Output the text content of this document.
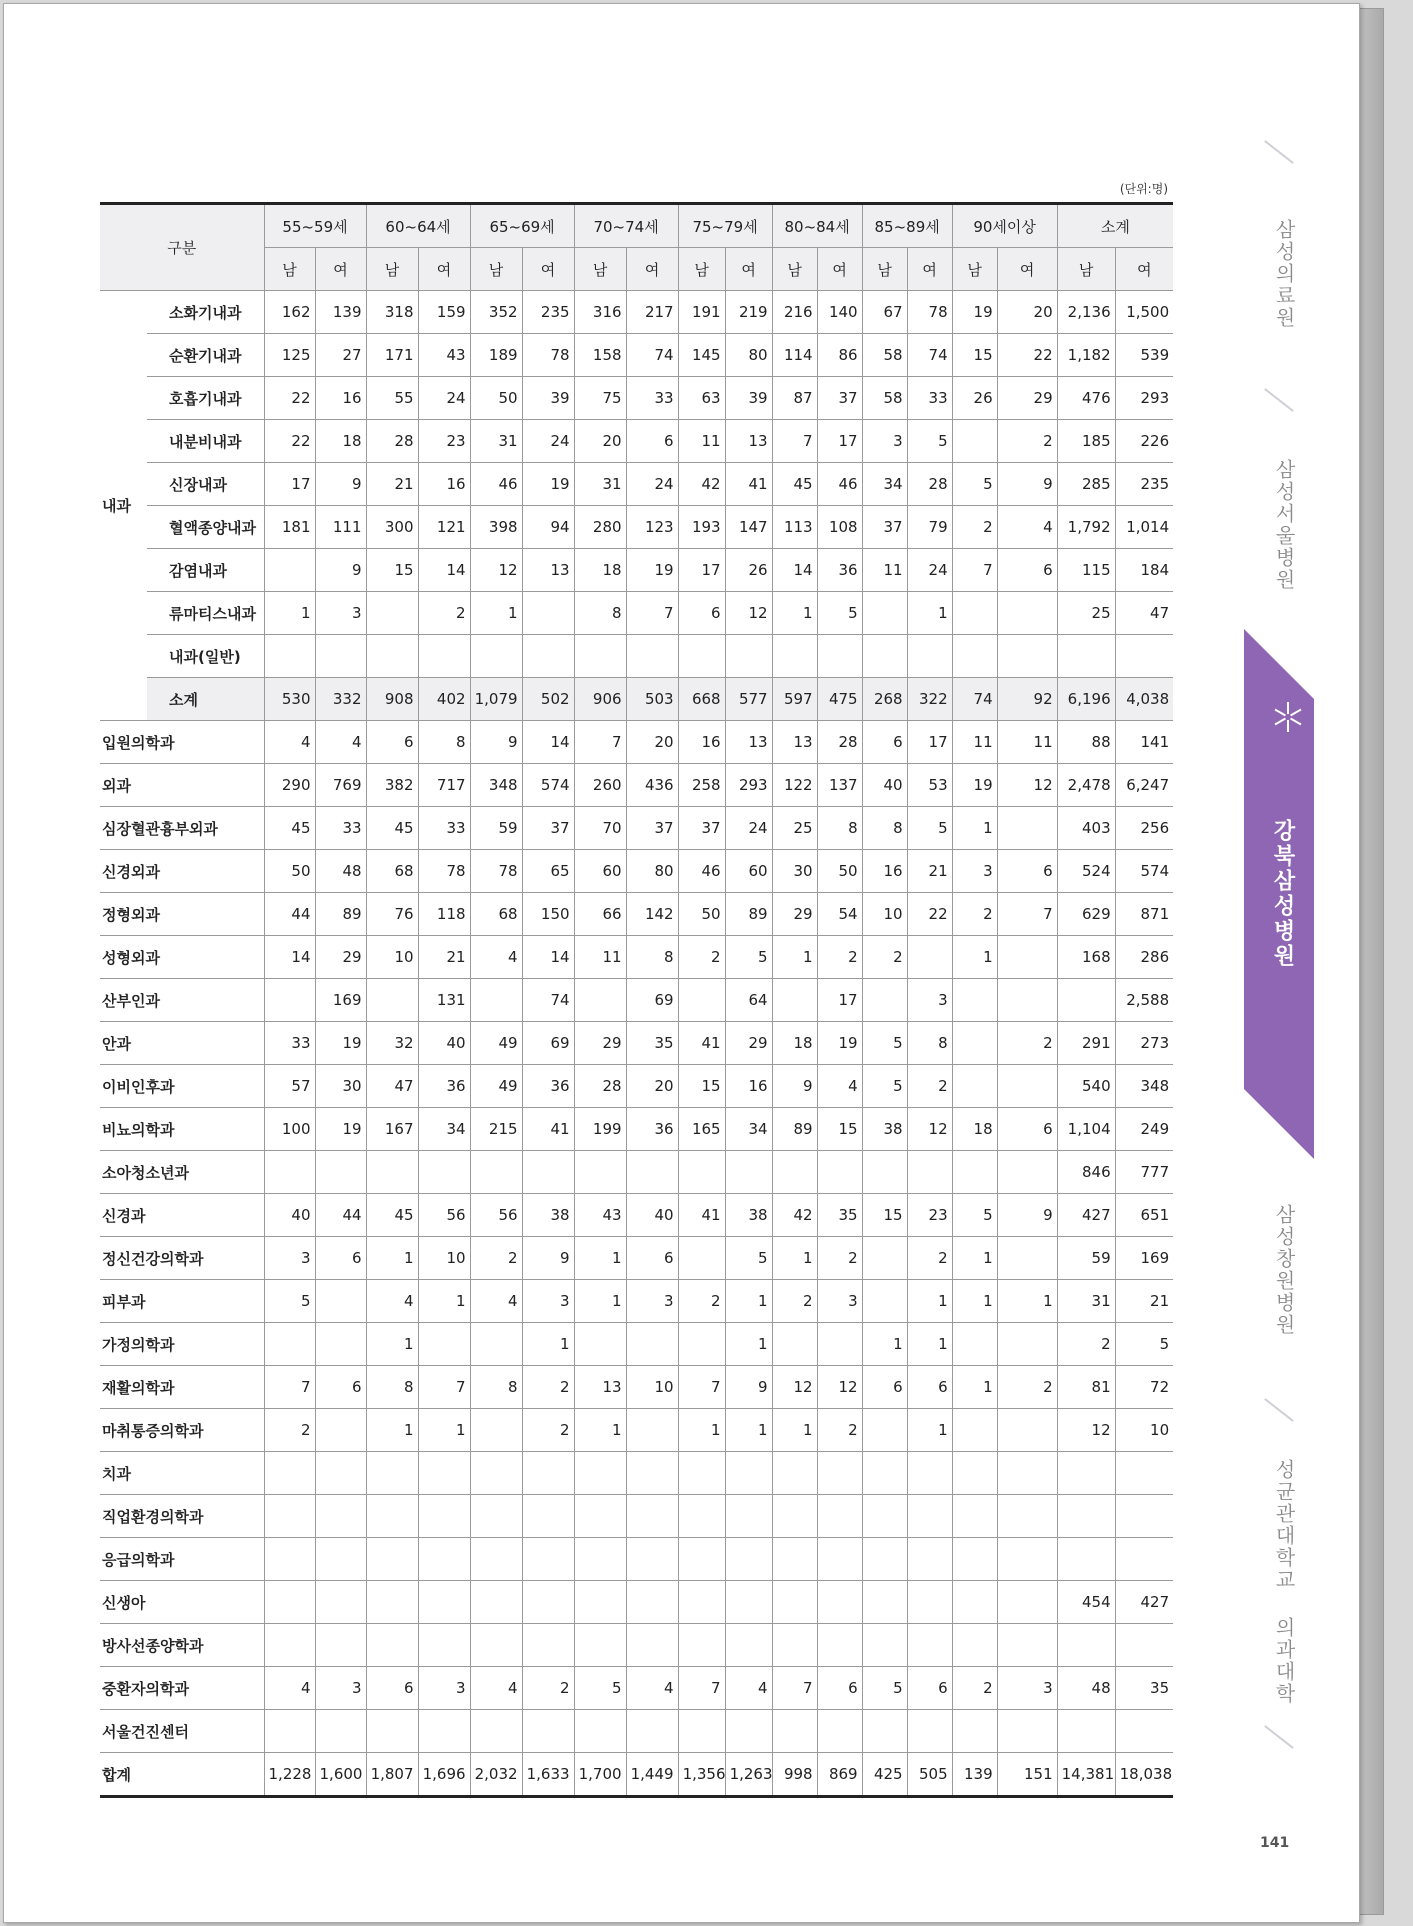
(단위:명)
구분		55~59세		60~64세		65~69세		70~74세		75~79세		80~84세		85~89세		90세이상		소계	
		남	여	남	여	남	여	남	여	남	여	남	여	남	여	남	여	남	여
내과	소화기내과	162	139	318	159	352	235	316	217	191	219	216	140	67	78	19	20	2,136	1,500
	순환기내과	125	27	171	43	189	78	158	74	145	80	114	86	58	74	15	22	1,182	539
	호흡기내과	22	16	55	24	50	39	75	33	63	39	87	37	58	33	26	29	476	293
	내분비내과	22	18	28	23	31	24	20	6	11	13	7	17	3	5		2	185	226
	신장내과	17	9	21	16	46	19	31	24	42	41	45	46	34	28	5	9	285	235
	혈액종양내과	181	111	300	121	398	94	280	123	193	147	113	108	37	79	2	4	1,792	1,014
	감염내과		9	15	14	12	13	18	19	17	26	14	36	11	24	7	6	115	184
	류마티스내과	1	3		2	1		8	7	6	12	1	5		1			25	47
	내과(일반)																		
	소계	530	332	908	402	1,079	502	906	503	668	577	597	475	268	322	74	92	6,196	4,038
입원의학과		4	4	6	8	9	14	7	20	16	13	13	28	6	17	11	11	88	141
외과		290	769	382	717	348	574	260	436	258	293	122	137	40	53	19	12	2,478	6,247
심장혈관흉부외과		45	33	45	33	59	37	70	37	37	24	25	8	8	5	1		403	256
신경외과		50	48	68	78	78	65	60	80	46	60	30	50	16	21	3	6	524	574
정형외과		44	89	76	118	68	150	66	142	50	89	29	54	10	22	2	7	629	871
성형외과		14	29	10	21	4	14	11	8	2	5	1	2	2		1		168	286
산부인과			169		131		74		69		64		17		3				2,588
안과		33	19	32	40	49	69	29	35	41	29	18	19	5	8		2	291	273
이비인후과		57	30	47	36	49	36	28	20	15	16	9	4	5	2			540	348
비뇨의학과		100	19	167	34	215	41	199	36	165	34	89	15	38	12	18	6	1,104	249
소아청소년과																		846	777
신경과		40	44	45	56	56	38	43	40	41	38	42	35	15	23	5	9	427	651
정신건강의학과		3	6	1	10	2	9	1	6		5	1	2		2	1		59	169
피부과		5		4	1	4	3	1	3	2	1	2	3		1	1	1	31	21
가정의학과				1			1				1			1	1			2	5
재활의학과		7	6	8	7	8	2	13	10	7	9	12	12	6	6	1	2	81	72
마취통증의학과		2		1	1		2	1		1	1	1	2		1			12	10
치과																			
직업환경의학과																			
응급의학과																			
신생아																		454	427
방사선종양학과																			
중환자의학과		4	3	6	3	4	2	5	4	7	4	7	6	5	6	2	3	48	35
서울건진센터																			
합계		1,228	1,600	1,807	1,696	2,032	1,633	1,700	1,449	1,356	1,263	998	869	425	505	139	151	14,381	18,038
삼성의료원
삼성서울병원
강북삼성병원
삼성창원병원
성균관대학교 의과대학
141
